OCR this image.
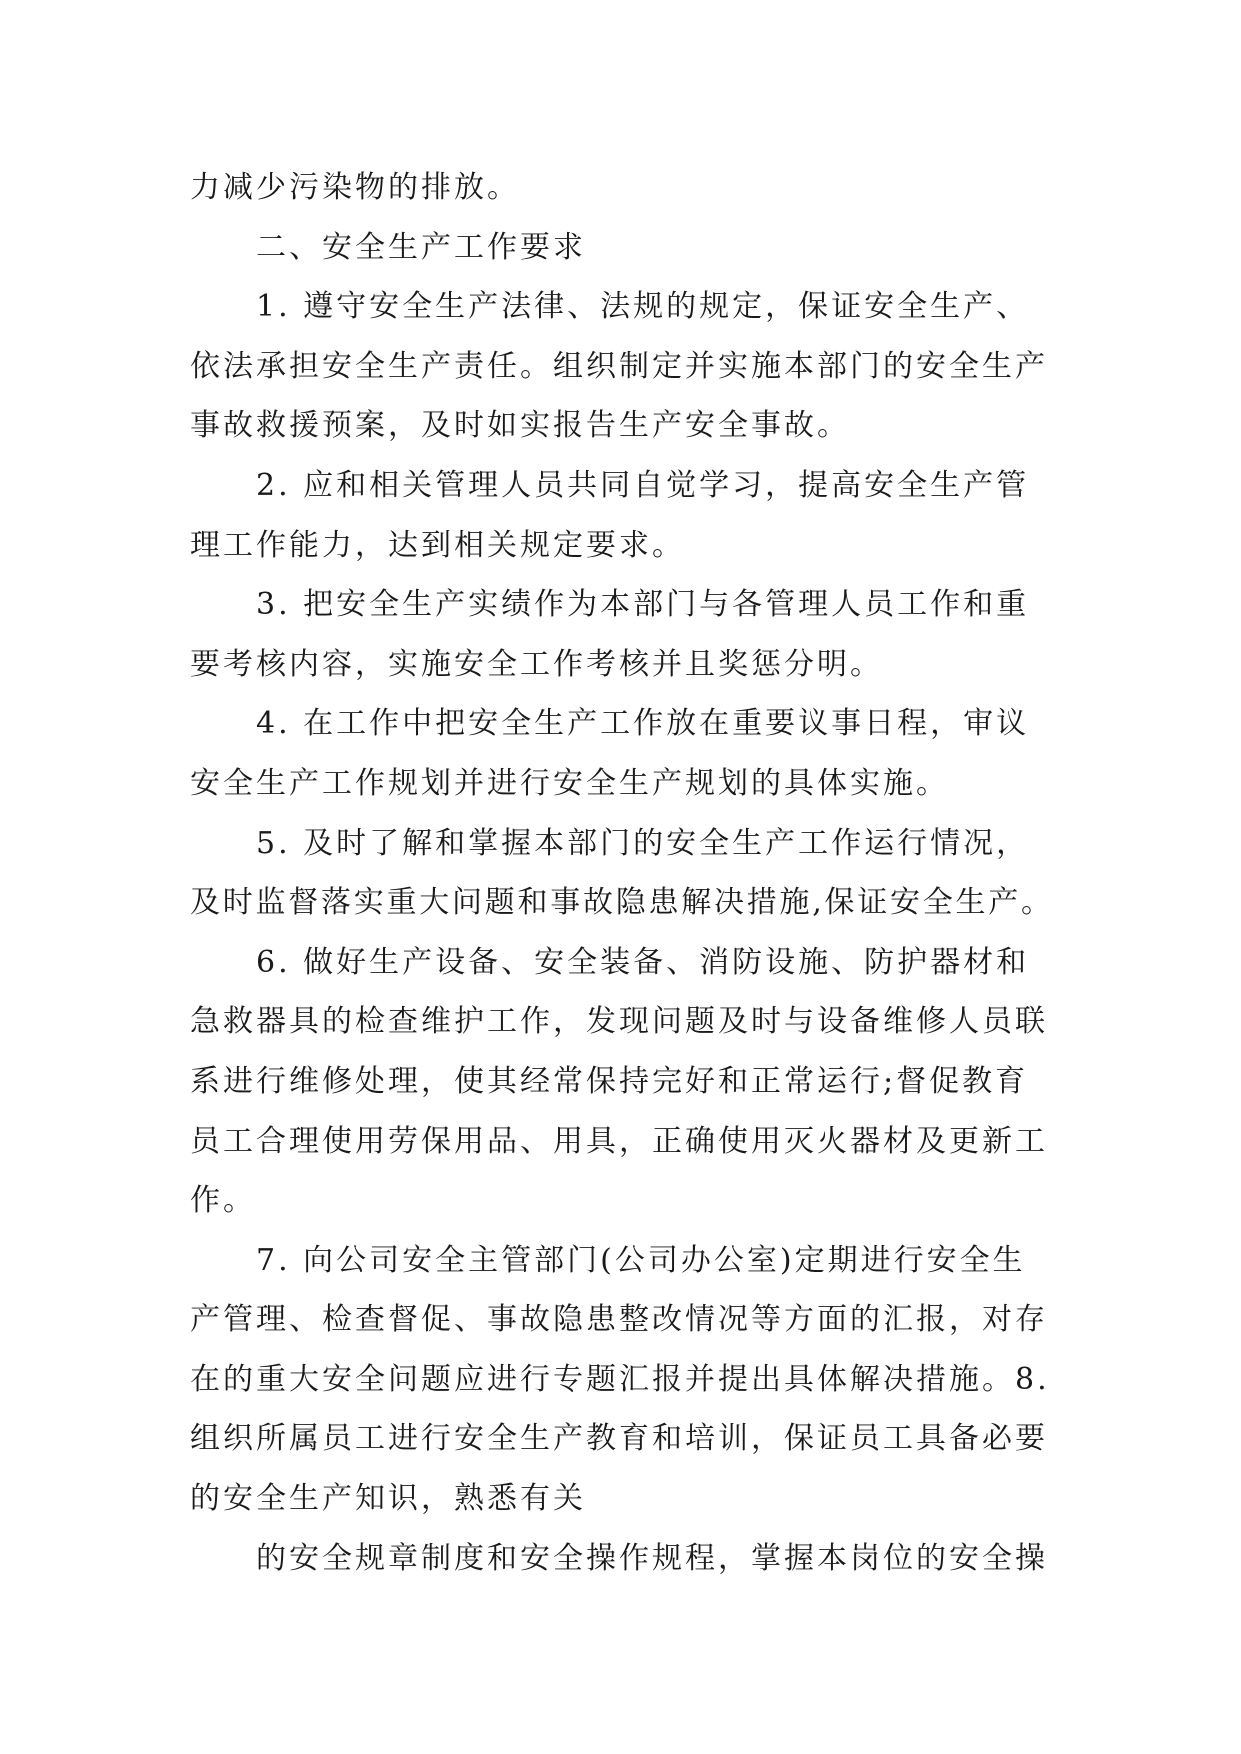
力减少污染物的排放。
二、安全生产工作要求
1. 遵守安全生产法律、法规的规定，保证安全生产、
依法承担安全生产责任。组织制定并实施本部门的安全生产
事故救援预案，及时如实报告生产安全事故。
2. 应和相关管理人员共同自觉学习，提高安全生产管
理工作能力，达到相关规定要求。
3. 把安全生产实绩作为本部门与各管理人员工作和重
要考核内容，实施安全工作考核并且奖惩分明。
4. 在工作中把安全生产工作放在重要议事日程，审议
安全生产工作规划并进行安全生产规划的具体实施。
5. 及时了解和掌握本部门的安全生产工作运行情况，
及时监督落实重大问题和事故隐患解决措施,保证安全生产。
6. 做好生产设备、安全装备、消防设施、防护器材和
急救器具的检查维护工作，发现问题及时与设备维修人员联
系进行维修处理，使其经常保持完好和正常运行;督促教育
员工合理使用劳保用品、用具，正确使用灭火器材及更新工
作。
7. 向公司安全主管部门(公司办公室)定期进行安全生
产管理、检查督促、事故隐患整改情况等方面的汇报，对存
在的重大安全问题应进行专题汇报并提出具体解决措施。8.
组织所属员工进行安全生产教育和培训，保证员工具备必要
的安全生产知识，熟悉有关
的安全规章制度和安全操作规程，掌握本岗位的安全操
